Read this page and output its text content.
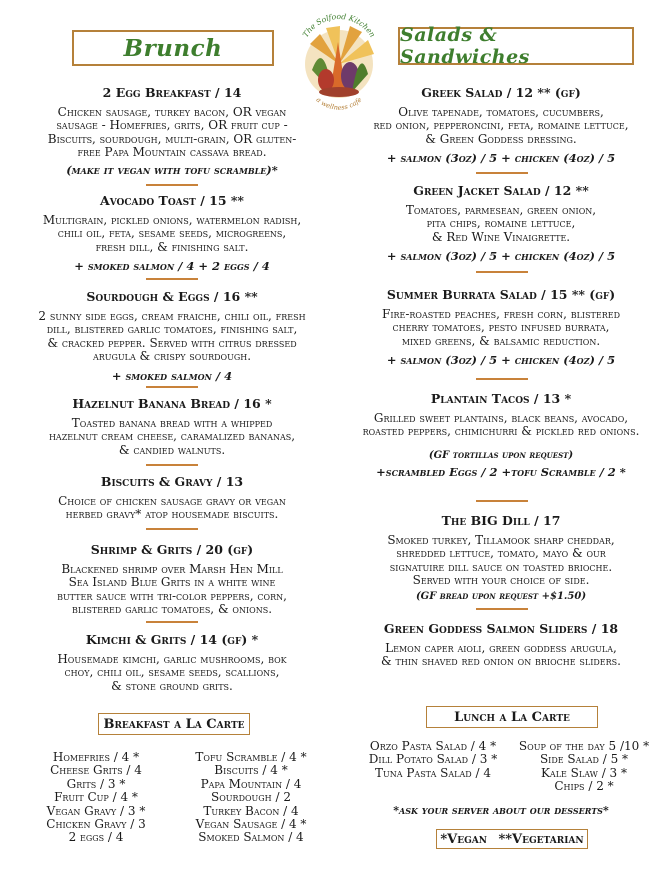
The Solfood Kitchen
a wellness cafe
Brunch
2 Egg Breakfast / 14
Chicken sausage, turkey bacon, OR vegan
sausage - Homefries, grits, OR fruit cup -
Biscuits, sourdough, multi-grain, OR gluten-
free Papa Mountain cassava bread.
(make it vegan with tofu scramble)*
Avocado Toast / 15 **
Multigrain, pickled onions, watermelon radish,
chili oil, feta, sesame seeds, microgreens,
fresh dill, & finishing salt.
+ smoked salmon / 4 + 2 eggs / 4
Sourdough & Eggs / 16 **
2 sunny side eggs, cream fraiche, chili oil, fresh
dill, blistered garlic tomatoes, finishing salt,
& cracked pepper. Served with citrus dressed
arugula & crispy sourdough.
+ smoked salmon / 4
Hazelnut Banana Bread / 16 *
Toasted banana bread with a whipped
hazelnut cream cheese, caramalized bananas,
& candied walnuts.
Biscuits & Gravy / 13
Choice of chicken sausage gravy or vegan
herbed gravy* atop housemade biscuits.
Shrimp & Grits / 20 (gf)
Blackened shrimp over Marsh Hen Mill
Sea Island Blue Grits in a white wine
butter sauce with tri-color peppers, corn,
blistered garlic tomatoes, & onions.
Kimchi & Grits / 14 (gf) *
Housemade kimchi, garlic mushrooms, bok
choy, chili oil, sesame seeds, scallions,
& stone ground grits.
Breakfast a La Carte
Homefries / 4 *
Cheese Grits / 4
Grits / 3 *
Fruit Cup / 4 *
Vegan Gravy / 3 *
Chicken Gravy / 3
2 eggs / 4
Tofu Scramble / 4 *
Biscuits / 4 *
Papa Mountain / 4
Sourdough / 2
Turkey Bacon / 4
Vegan Sausage / 4 *
Smoked Salmon / 4
Salads & Sandwiches
Greek Salad / 12 ** (gf)
Olive tapenade, tomatoes, cucumbers,
red onion, pepperoncini, feta, romaine lettuce,
& Green Goddess dressing.
+ salmon (3oz) / 5 + chicken (4oz) / 5
Green Jacket Salad / 12 **
Tomatoes, parmesean, green onion,
pita chips, romaine lettuce,
& Red Wine Vinaigrette.
+ salmon (3oz) / 5 + chicken (4oz) / 5
Summer Burrata Salad / 15 ** (gf)
Fire-roasted peaches, fresh corn, blistered
cherry tomatoes, pesto infused burrata,
mixed greens, & balsamic reduction.
+ salmon (3oz) / 5 + chicken (4oz) / 5
Plantain Tacos / 13 *
Grilled sweet plantains, black beans, avocado,
roasted peppers, chimichurri & pickled red onions.
(GF tortillas upon request)
+scrambled Eggs / 2 +tofu Scramble / 2 *
The BIG Dill / 17
Smoked turkey, Tillamook sharp cheddar,
shredded lettuce, tomato, mayo & our
signatuire dill sauce on toasted brioche.
Served with your choice of side.
(GF bread upon request +$1.50)
Green Goddess Salmon Sliders / 18
Lemon caper aioli, green goddess arugula,
& thin shaved red onion on brioche sliders.
Lunch a La Carte
Orzo Pasta Salad / 4 *
Dill Potato Salad / 3 *
Tuna Pasta Salad / 4
Soup of the day 5 /10 *
Side Salad / 5 *
Kale Slaw / 3 *
Chips / 2 *
*ask your server about our desserts*
*Vegan **Vegetarian
